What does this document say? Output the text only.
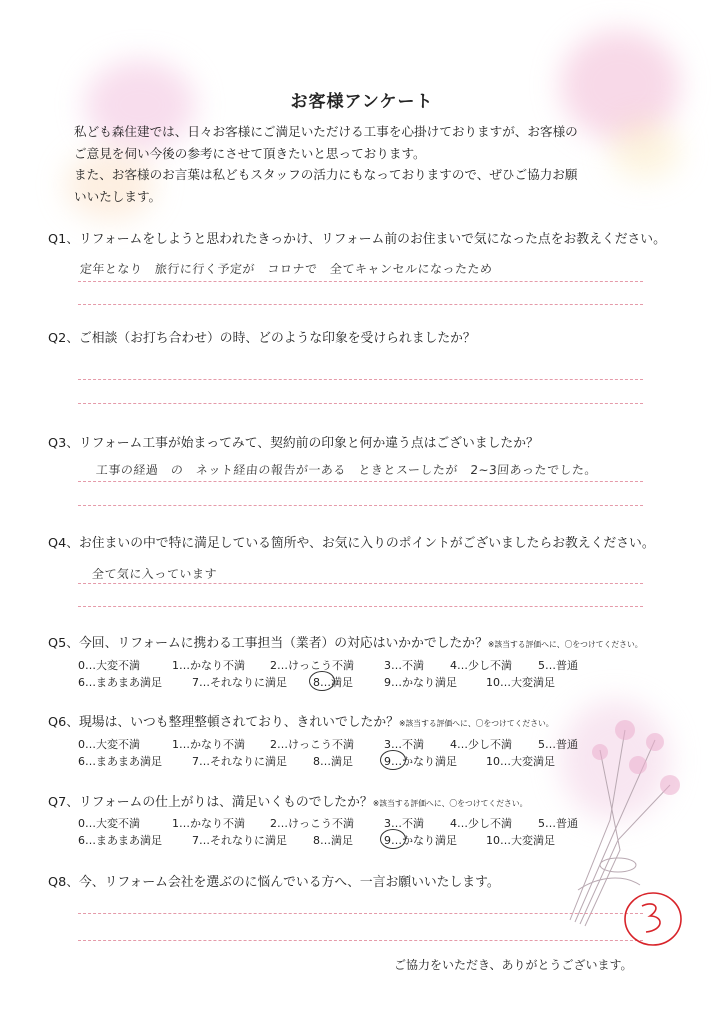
お客様アンケート
私ども森住建では、日々お客様にご満足いただける工事を心掛けておりますが、お客様の
ご意見を伺い今後の参考にさせて頂きたいと思っております。
また、お客様のお言葉は私どもスタッフの活力にもなっておりますので、ぜひご協力お願
いいたします。
Q1、リフォームをしようと思われたきっかけ、リフォーム前のお住まいで気になった点をお教えください。
定年となり　旅行に行く予定が　コロナで　全てキャンセルになったため
Q2、ご相談（お打ち合わせ）の時、どのような印象を受けられましたか？
Q3、リフォーム工事が始まってみて、契約前の印象と何か違う点はございましたか？
工事の経過　の　ネット経由の報告が一ある　ときとスーしたが　2~3回あったでした。
Q4、お住まいの中で特に満足している箇所や、お気に入りのポイントがございましたらお教えください。
全て気に入っています
Q5、今回、リフォームに携わる工事担当（業者）の対応はいかかでしたか？※該当する評価へに、〇をつけてください。
0…大変不満	1…かなり不満 2…けっこう不満	3…不満 4…少し不満 5…普通
6…まあまあ満足	7…それなりに満足 8…満足	9…かなり満足	10…大変満足
Q6、現場は、いつも整理整頓されており、きれいでしたか？※該当する評価へに、〇をつけてください。
0…大変不満	1…かなり不満 2…けっこう不満	3…不満 4…少し不満 5…普通
6…まあまあ満足	7…それなりに満足 8…満足	9…かなり満足	10…大変満足
Q7、リフォームの仕上がりは、満足いくものでしたか？※該当する評価へに、〇をつけてください。
0…大変不満	1…かなり不満 2…けっこう不満	3…不満 4…少し不満 5…普通
6…まあまあ満足	7…それなりに満足 8…満足	9…かなり満足	10…大変満足
Q8、今、リフォーム会社を選ぶのに悩んでいる方へ、一言お願いいたします。
ご協力をいただき、ありがとうございます。
